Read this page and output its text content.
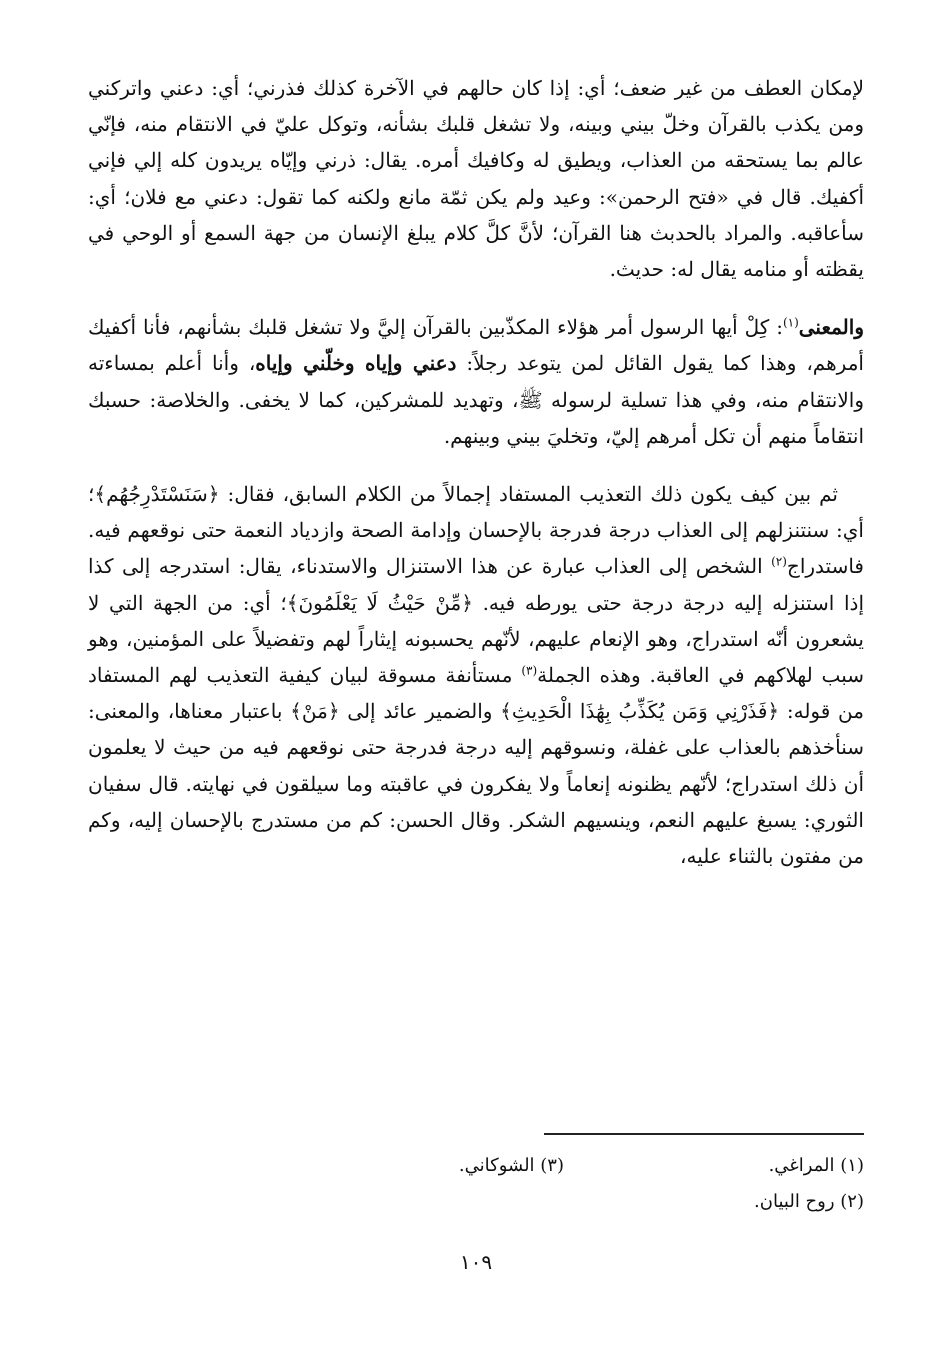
لإمكان العطف من غير ضعف؛ أي: إذا كان حالهم في الآخرة كذلك فذرني؛ أي: دعني واتركني ومن يكذب بالقرآن وخلّ بيني وبينه، ولا تشغل قلبك بشأنه، وتوكل عليّ في الانتقام منه، فإنّي عالم بما يستحقه من العذاب، ويطيق له وكافيك أمره. يقال: ذرني وإيّاه يريدون كله إلي فإني أكفيك. قال في «فتح الرحمن»: وعيد ولم يكن ثمّة مانع ولكنه كما تقول: دعني مع فلان؛ أي: سأعاقبه. والمراد بالحدبث هنا القرآن؛ لأنَّ كلَّ كلام يبلغ الإنسان من جهة السمع أو الوحي في يقظته أو منامه يقال له: حديث.

والمعنى$^{(١)}$: كِلْ أيها الرسول أمر هؤلاء المكذّبين بالقرآن إليَّ ولا تشغل قلبك بشأنهم، فأنا أكفيك أمرهم، وهذا كما يقول القائل لمن يتوعد رجلاً: دعني وإياه وخلّني وإياه، وأنا أعلم بمساءته والانتقام منه، وفي هذا تسلية لرسوله ﷺ، وتهديد للمشركين، كما لا يخفى. والخلاصة: حسبك انتقاماً منهم أن تكل أمرهم إليّ، وتخليَ بيني وبينهم.

ثم بين كيف يكون ذلك التعذيب المستفاد إجمالاً من الكلام السابق، فقال: ﴿سَنَسْتَدْرِجُهُم﴾؛ أي: سنتنزلهم إلى العذاب درجة فدرجة بالإحسان وإدامة الصحة وازدياد النعمة حتى نوقعهم فيه. فاستدراج$^{(٢)}$ الشخص إلى العذاب عبارة عن هذا الاستنزال والاستدناء، يقال: استدرجه إلى كذا إذا استنزله إليه درجة درجة حتى يورطه فيه. ﴿مِّنْ حَيْثُ لَا يَعْلَمُونَ﴾؛ أي: من الجهة التي لا يشعرون أنّه استدراج، وهو الإنعام عليهم، لأنّهم يحسبونه إيثاراً لهم وتفضيلاً على المؤمنين، وهو سبب لهلاكهم في العاقبة. وهذه الجملة$^{(٣)}$ مستأنفة مسوقة لبيان كيفية التعذيب لهم المستفاد من قوله: ﴿فَذَرْنِي وَمَن يُكَذِّبُ بِهَٰذَا الْحَدِيثِ﴾ والضمير عائد إلى ﴿مَنْ﴾ باعتبار معناها، والمعنى: سنأخذهم بالعذاب على غفلة، ونسوقهم إليه درجة فدرجة حتى نوقعهم فيه من حيث لا يعلمون أن ذلك استدراج؛ لأنّهم يظنونه إنعاماً ولا يفكرون في عاقبته وما سيلقون في نهايته. قال سفيان الثوري: يسبغ عليهم النعم، وينسيهم الشكر. وقال الحسن: كم من مستدرج بالإحسان إليه، وكم من مفتون بالثناء عليه،

(١) المراغي.
(٣) الشوكاني.
(٢) روح البيان.
١٠٩
